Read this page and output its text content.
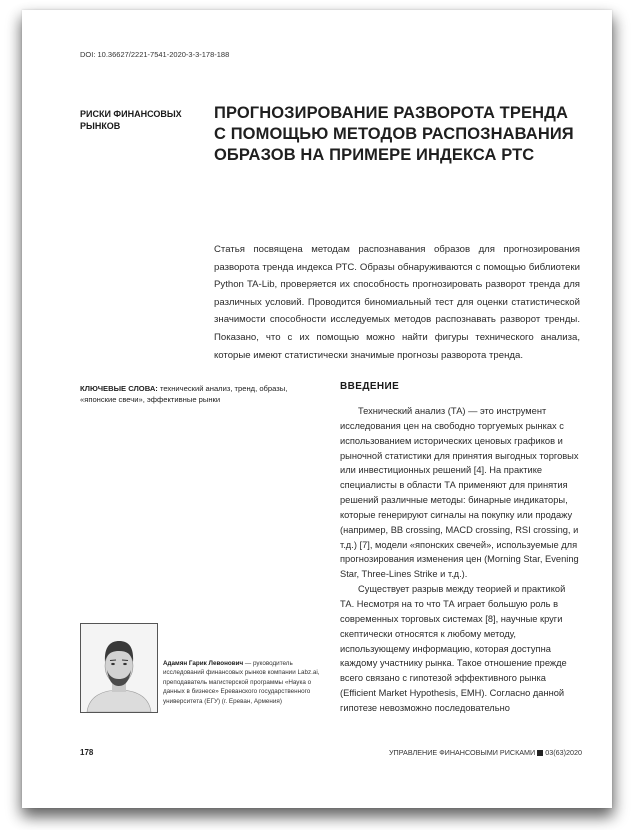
DOI: 10.36627/2221-7541-2020-3-3-178-188
РИСКИ ФИНАНСОВЫХ РЫНКОВ
ПРОГНОЗИРОВАНИЕ РАЗВОРОТА ТРЕНДА С ПОМОЩЬЮ МЕТОДОВ РАСПОЗНАВАНИЯ ОБРАЗОВ НА ПРИМЕРЕ ИНДЕКСА РТС
Статья посвящена методам распознавания образов для прогнозирования разворота тренда индекса РТС. Образы обнаруживаются с помощью библиотеки Python TA-Lib, проверяется их способность прогнозировать разворот тренда для различных условий. Проводится биномиальный тест для оценки статистической значимости способности исследуемых методов распознавать разворот тренды. Показано, что с их помощью можно найти фигуры технического анализа, которые имеют статистически значимые прогнозы разворота тренда.
КЛЮЧЕВЫЕ СЛОВА: технический анализ, тренд, образы, «японские свечи», эффективные рынки
ВВЕДЕНИЕ

Технический анализ (ТА) — это инструмент исследования цен на свободно торгуемых рынках с использованием исторических ценовых графиков и рыночной статистики для принятия выгодных торговых или инвестиционных решений [4]. На практике специалисты в области ТА применяют для принятия решений различные методы: бинарные индикаторы, которые генерируют сигналы на покупку или продажу (например, BB crossing, MACD crossing, RSI crossing, и т.д.) [7], модели «японских свечей», используемые для прогнозирования изменения цен (Morning Star, Evening Star, Three-Lines Strike и т.д.).

Существует разрыв между теорией и практикой ТА. Несмотря на то что ТА играет большую роль в современных торговых системах [8], научные круги скептически относятся к любому методу, использующему информацию, которая доступна каждому участнику рынка. Такое отношение прежде всего связано с гипотезой эффективного рынка (Efficient Market Hypothesis, EMH). Согласно данной гипотезе невозможно последовательно

Адамян Гарик Левонович — руководитель исследований финансовых рынков компании Labz.ai, преподаватель магистерской программы «Наука о данных в бизнесе» Ереванского государственного университета (ЕГУ) (г. Ереван, Армения)
178	УПРАВЛЕНИЕ ФИНАНСОВЫМИ РИСКАМИ 03(63)2020
